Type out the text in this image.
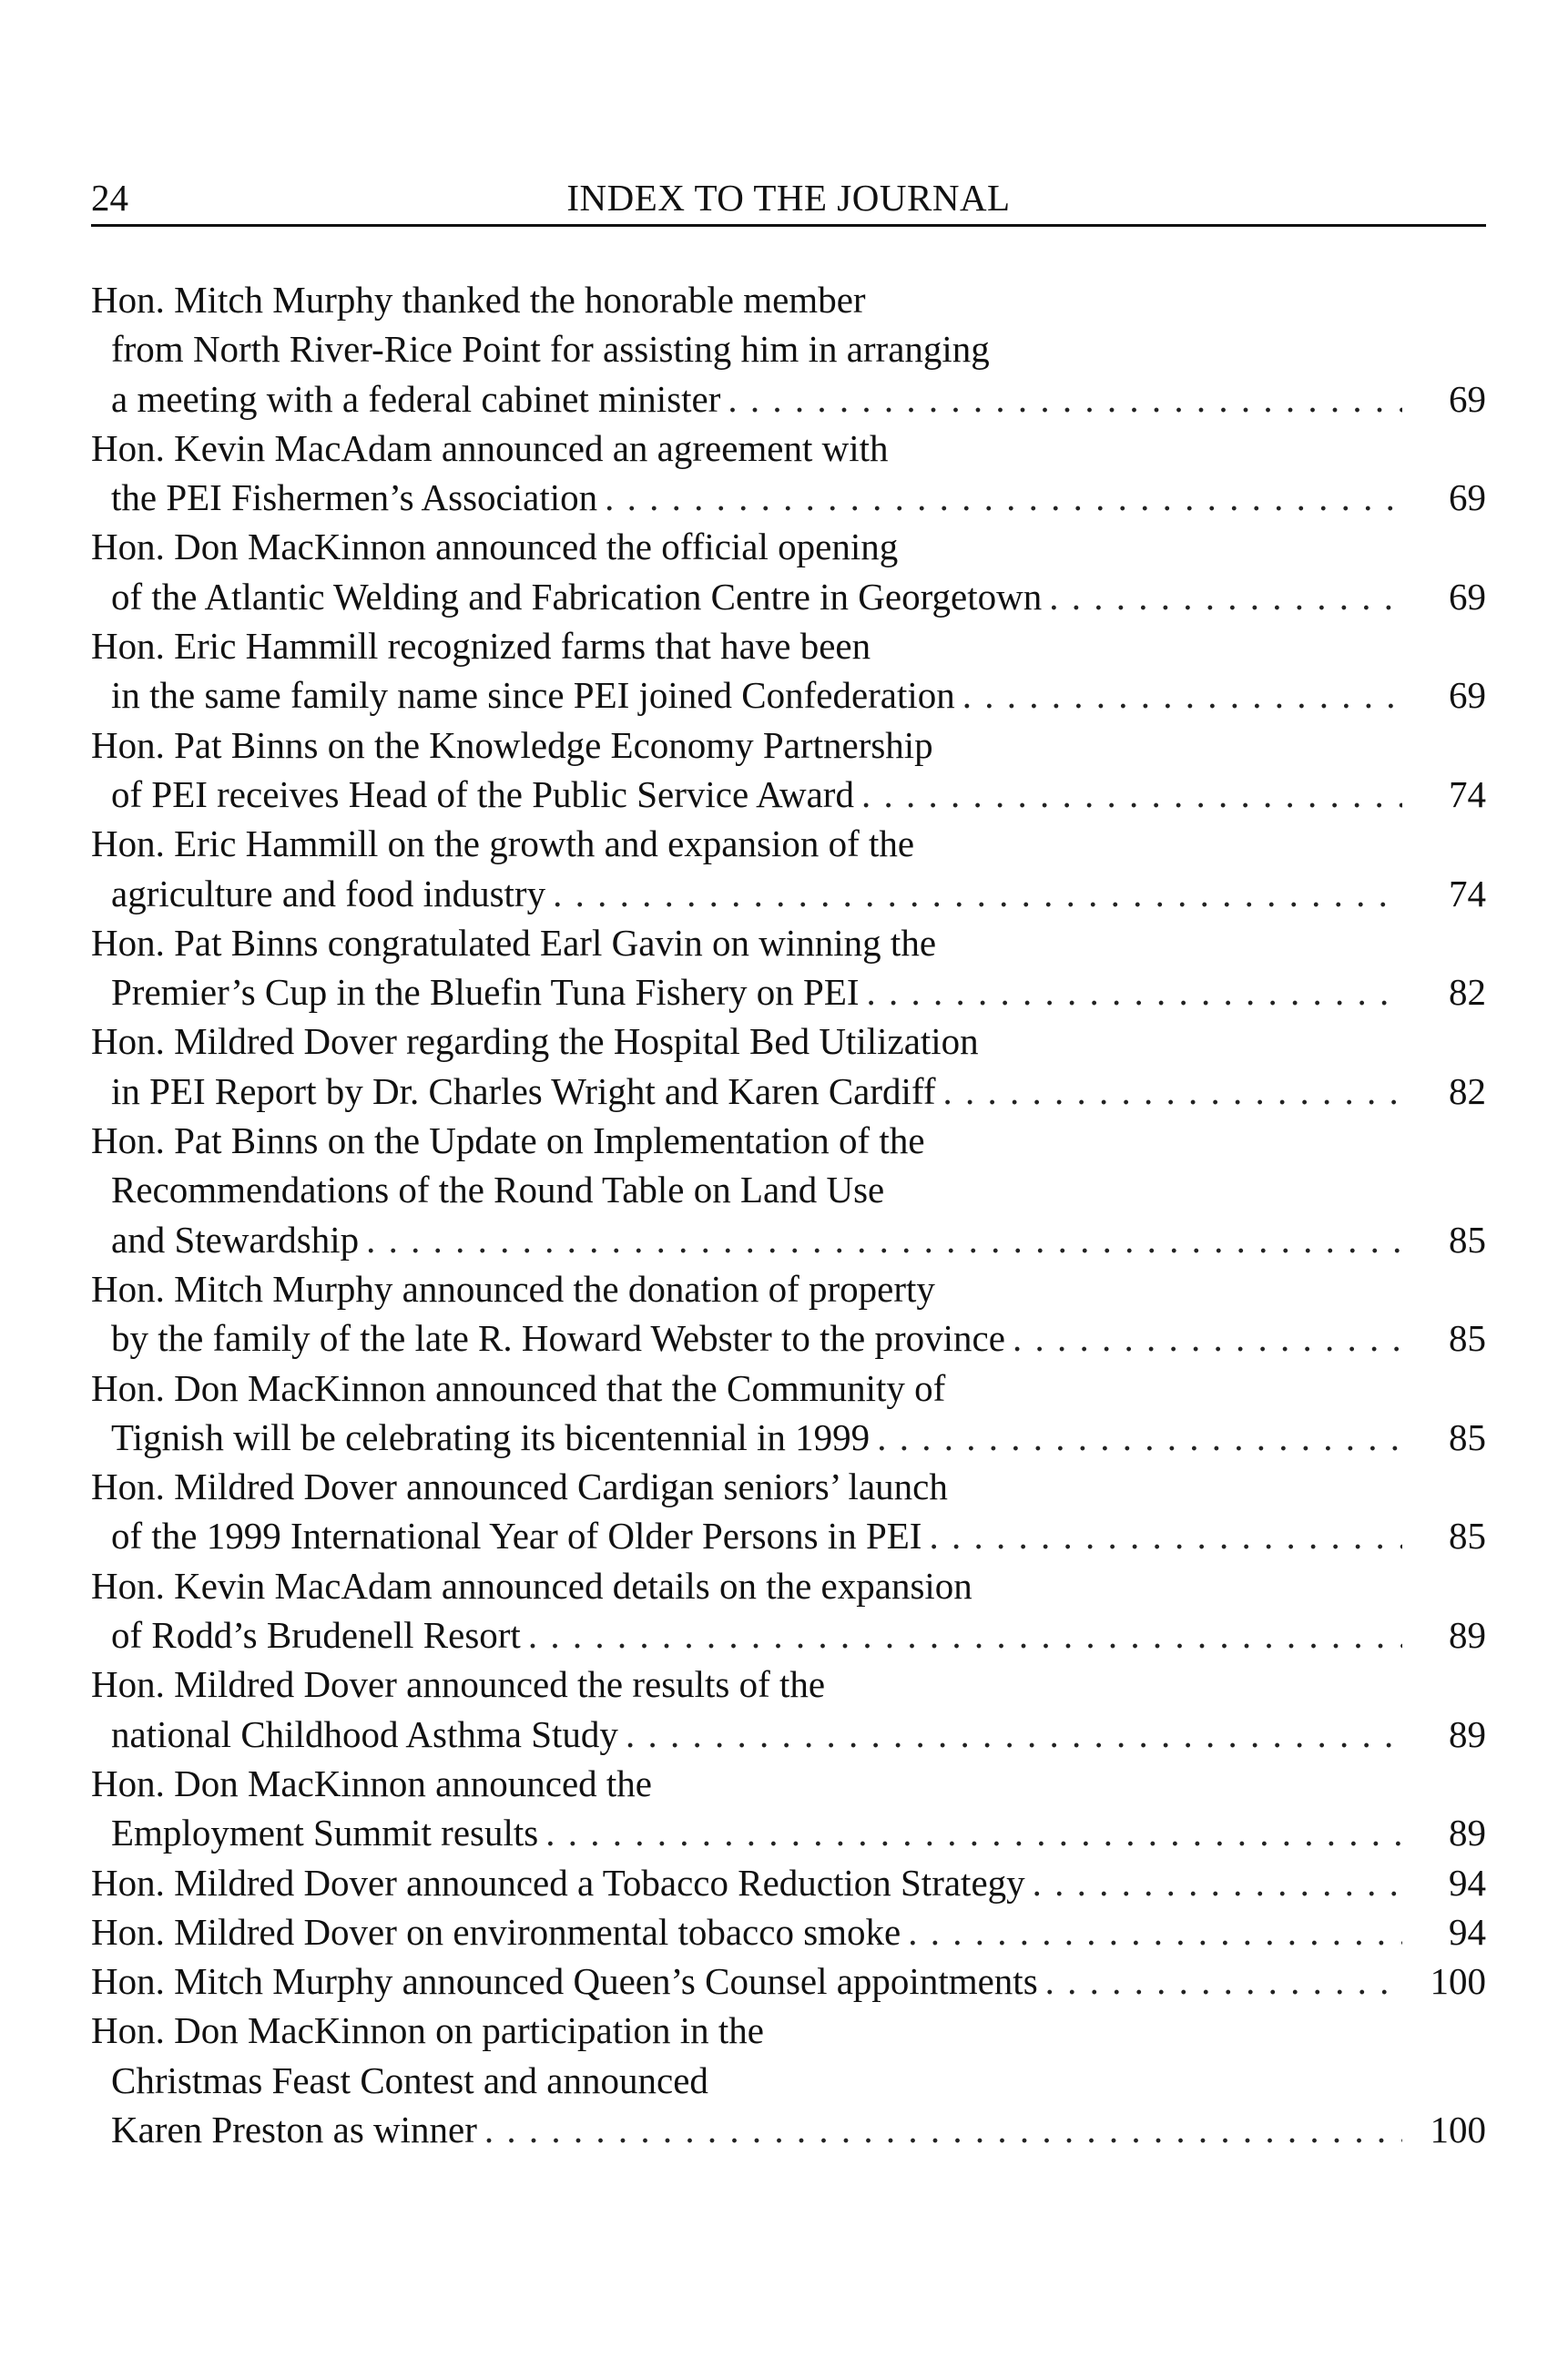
24	INDEX TO THE JOURNAL
Hon. Mitch Murphy thanked the honorable member
from North River-Rice Point for assisting him in arranging
a meeting with a federal cabinet minister . . .	69
Hon. Kevin MacAdam announced an agreement with
the PEI Fishermen’s Association . . .	69
Hon. Don MacKinnon announced the official opening
of the Atlantic Welding and Fabrication Centre in Georgetown . . .	69
Hon. Eric Hammill recognized farms that have been
in the same family name since PEI joined Confederation . . .	69
Hon. Pat Binns on the Knowledge Economy Partnership
of PEI receives Head of the Public Service Award . . .	74
Hon. Eric Hammill on the growth and expansion of the
agriculture and food industry . . .	74
Hon. Pat Binns congratulated Earl Gavin on winning the
Premier’s Cup in the Bluefin Tuna Fishery on PEI . . .	82
Hon. Mildred Dover regarding the Hospital Bed Utilization
in PEI Report by Dr. Charles Wright and Karen Cardiff . . .	82
Hon. Pat Binns on the Update on Implementation of the
Recommendations of the Round Table on Land Use
and Stewardship . . .	85
Hon. Mitch Murphy announced the donation of property
by the family of the late R. Howard Webster to the province . . .	85
Hon. Don MacKinnon announced that the Community of
Tignish will be celebrating its bicentennial in 1999 . . .	85
Hon. Mildred Dover announced Cardigan seniors’ launch
of the 1999 International Year of Older Persons in PEI . . .	85
Hon. Kevin MacAdam announced details on the expansion
of Rodd’s Brudenell Resort . . .	89
Hon. Mildred Dover announced the results of the
national Childhood Asthma Study . . .	89
Hon. Don MacKinnon announced the
Employment Summit results . . .	89
Hon. Mildred Dover announced a Tobacco Reduction Strategy . . .	94
Hon. Mildred Dover on environmental tobacco smoke . . .	94
Hon. Mitch Murphy announced Queen’s Counsel appointments . . .	100
Hon. Don MacKinnon on participation in the
Christmas Feast Contest and announced
Karen Preston as winner . . .	100
